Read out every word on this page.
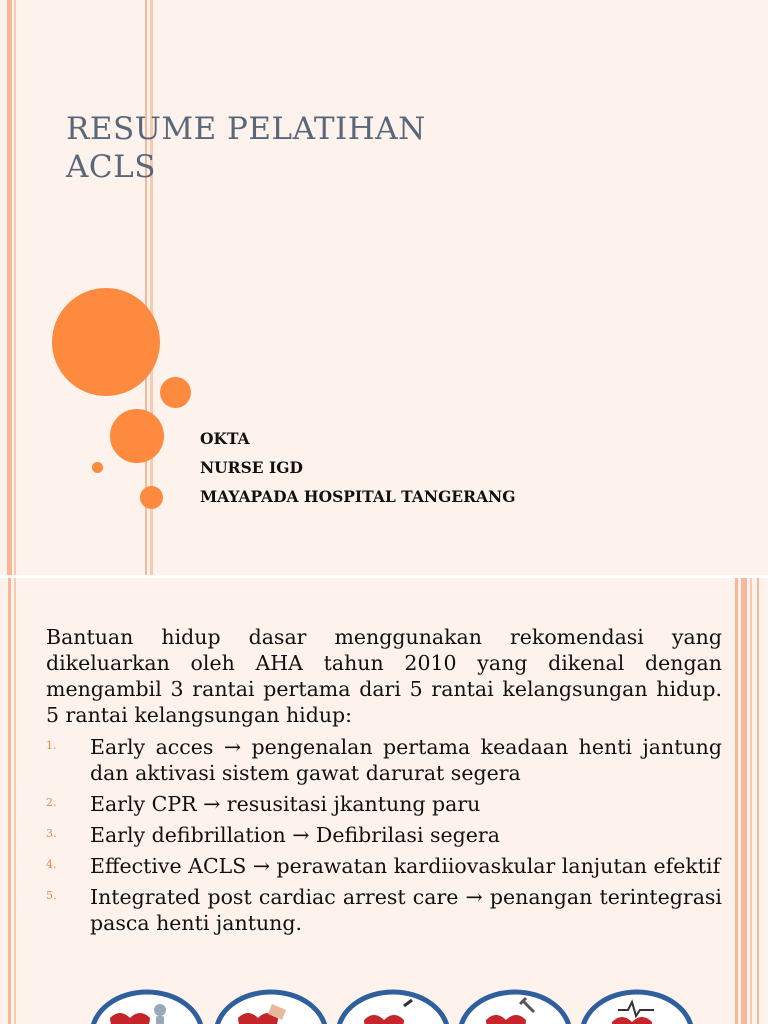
RESUME PELATIHAN
ACLS
OKTA
NURSE IGD
MAYAPADA HOSPITAL TANGERANG

Bantuan hidup dasar menggunakan rekomendasi yang dikeluarkan oleh AHA tahun 2010 yang dikenal dengan mengambil 3 rantai pertama dari 5 rantai kelangsungan hidup. 5 rantai kelangsungan hidup:

1. Early acces → pengenalan pertama keadaan henti jantung dan aktivasi sistem gawat darurat segera
2. Early CPR → resusitasi jkantung paru
3. Early defibrillation → Defibrilasi segera
4. Effective ACLS → perawatan kardiiovaskular lanjutan efektif
5. Integrated post cardiac arrest care → penangan terintegrasi pasca henti jantung.
